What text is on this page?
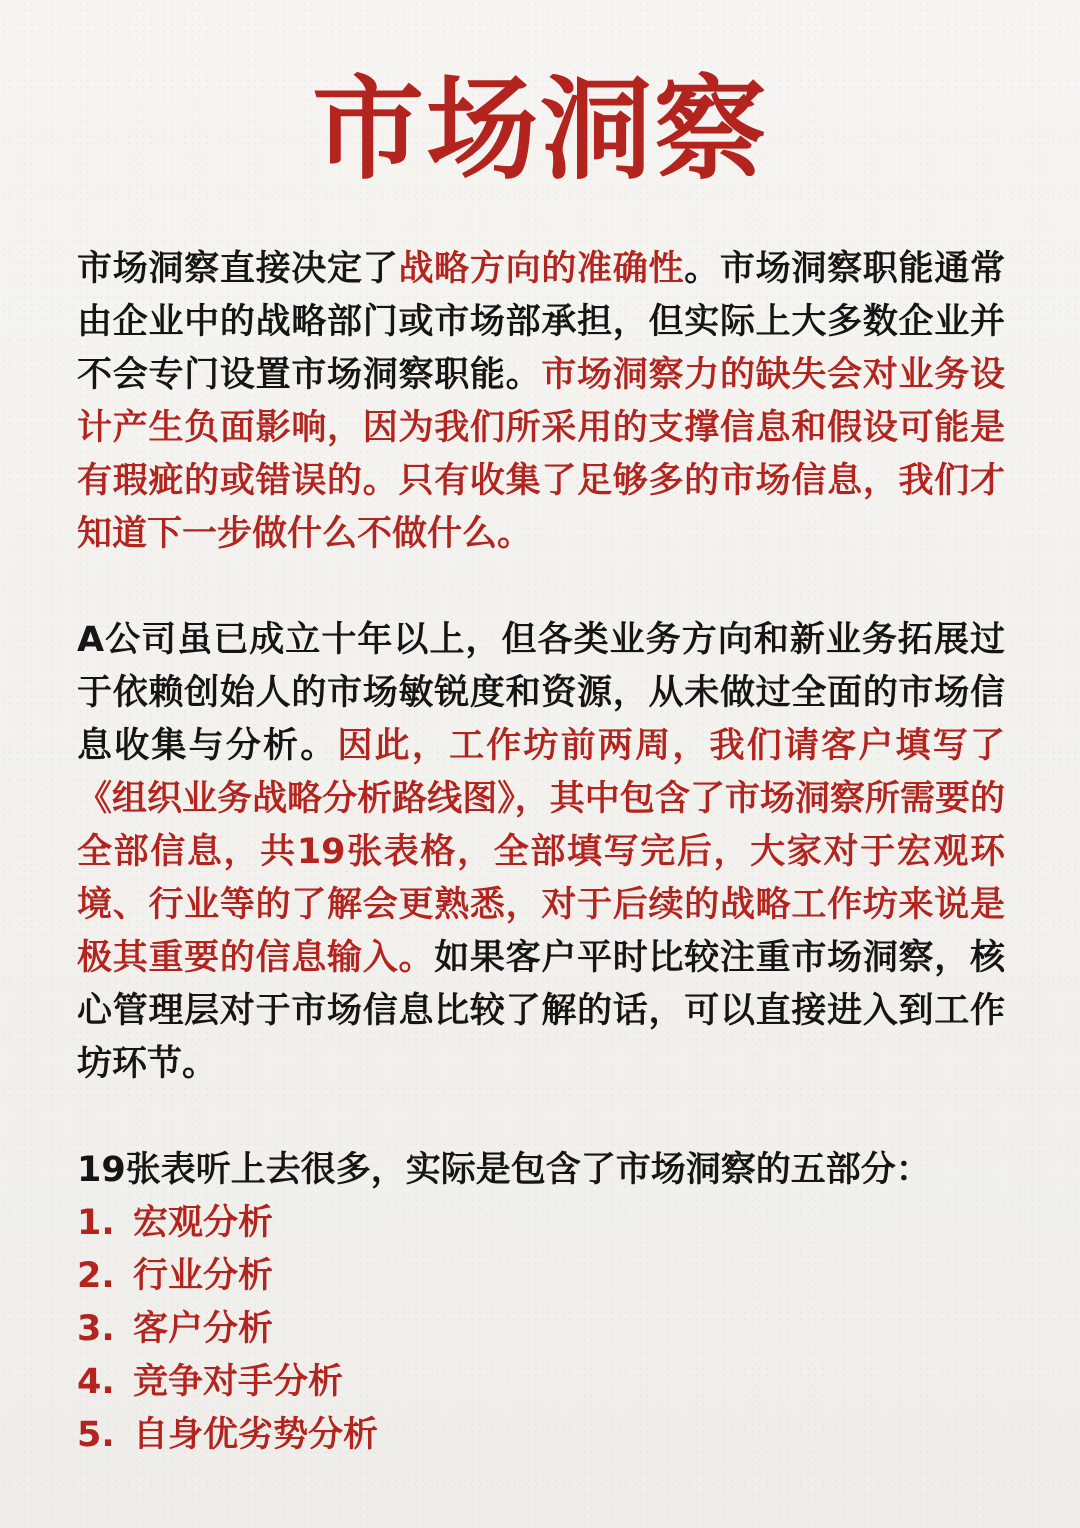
市场洞察
市场洞察直接决定了战略方向的准确性。市场洞察职能通常由企业中的战略部门或市场部承担，但实际上大多数企业并不会专门设置市场洞察职能。市场洞察力的缺失会对业务设计产生负面影响，因为我们所采用的支撑信息和假设可能是有瑕疵的或错误的。只有收集了足够多的市场信息，我们才知道下一步做什么不做什么。
A公司虽已成立十年以上，但各类业务方向和新业务拓展过于依赖创始人的市场敏锐度和资源，从未做过全面的市场信息收集与分析。因此，工作坊前两周，我们请客户填写了《组织业务战略分析路线图》，其中包含了市场洞察所需要的全部信息，共19张表格，全部填写完后，大家对于宏观环境、行业等的了解会更熟悉，对于后续的战略工作坊来说是极其重要的信息输入。如果客户平时比较注重市场洞察，核心管理层对于市场信息比较了解的话，可以直接进入到工作坊环节。
19张表听上去很多，实际是包含了市场洞察的五部分：
1. 宏观分析
2. 行业分析
3. 客户分析
4. 竞争对手分析
5. 自身优劣势分析
